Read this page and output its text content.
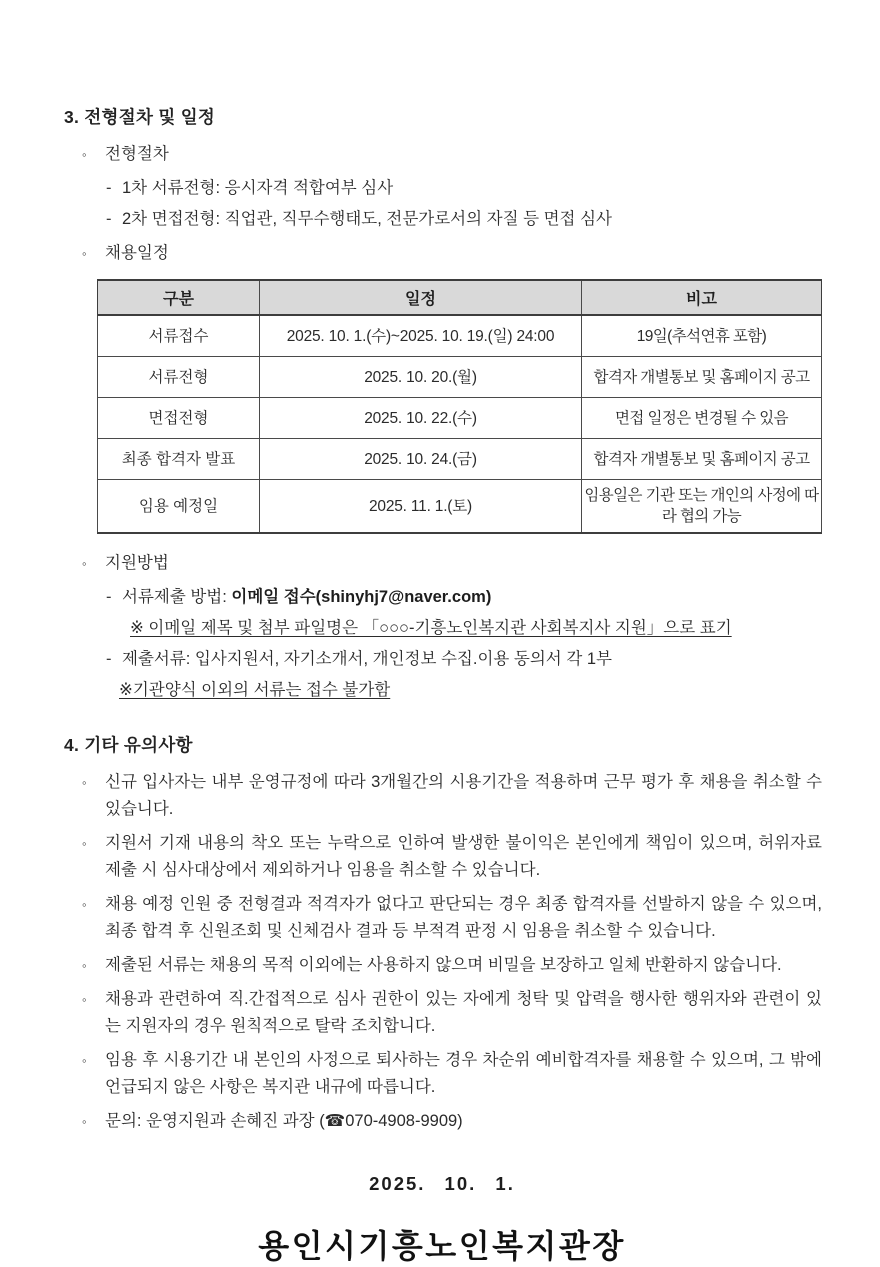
3. 전형절차 및 일정
◦	전형절차
- 1차 서류전형: 응시자격 적합여부 심사
- 2차 면접전형: 직업관, 직무수행태도, 전문가로서의 자질 등 면접 심사
◦	채용일정
구분	일정	비고
서류접수	2025. 10. 1.(수)~2025. 10. 19.(일) 24:00	19일(추석연휴 포함)
서류전형	2025. 10. 20.(월)	합격자 개별통보 및 홈페이지 공고
면접전형	2025. 10. 22.(수)	면접 일정은 변경될 수 있음
최종 합격자 발표	2025. 10. 24.(금)	합격자 개별통보 및 홈페이지 공고
임용 예정일	2025. 11. 1.(토)	임용일은 기관 또는 개인의 사정에 따라 협의 가능
◦	지원방법
- 서류제출 방법: 이메일 접수(shinyhj7@naver.com)
※ 이메일 제목 및 첨부 파일명은 「○○○-기흥노인복지관 사회복지사 지원」으로 표기
- 제출서류: 입사지원서, 자기소개서, 개인정보 수집.이용 동의서 각 1부
※기관양식 이외의 서류는 접수 불가함
4. 기타 유의사항
◦	신규 입사자는 내부 운영규정에 따라 3개월간의 시용기간을 적용하며 근무 평가 후 채용을 취소할 수 있습니다.
◦	지원서 기재 내용의 착오 또는 누락으로 인하여 발생한 불이익은 본인에게 책임이 있으며, 허위자료 제출 시 심사대상에서 제외하거나 임용을 취소할 수 있습니다.
◦	채용 예정 인원 중 전형결과 적격자가 없다고 판단되는 경우 최종 합격자를 선발하지 않을 수 있으며, 최종 합격 후 신원조회 및 신체검사 결과 등 부적격 판정 시 임용을 취소할 수 있습니다.
◦	제출된 서류는 채용의 목적 이외에는 사용하지 않으며 비밀을 보장하고 일체 반환하지 않습니다.
◦	채용과 관련하여 직.간접적으로 심사 권한이 있는 자에게 청탁 및 압력을 행사한 행위자와 관련이 있는 지원자의 경우 원칙적으로 탈락 조치합니다.
◦	임용 후 시용기간 내 본인의 사정으로 퇴사하는 경우 차순위 예비합격자를 채용할 수 있으며, 그 밖에 언급되지 않은 사항은 복지관 내규에 따릅니다.
◦	문의: 운영지원과 손혜진 과장 (☎070-4908-9909)
2025. 10. 1.
용인시기흥노인복지관장
